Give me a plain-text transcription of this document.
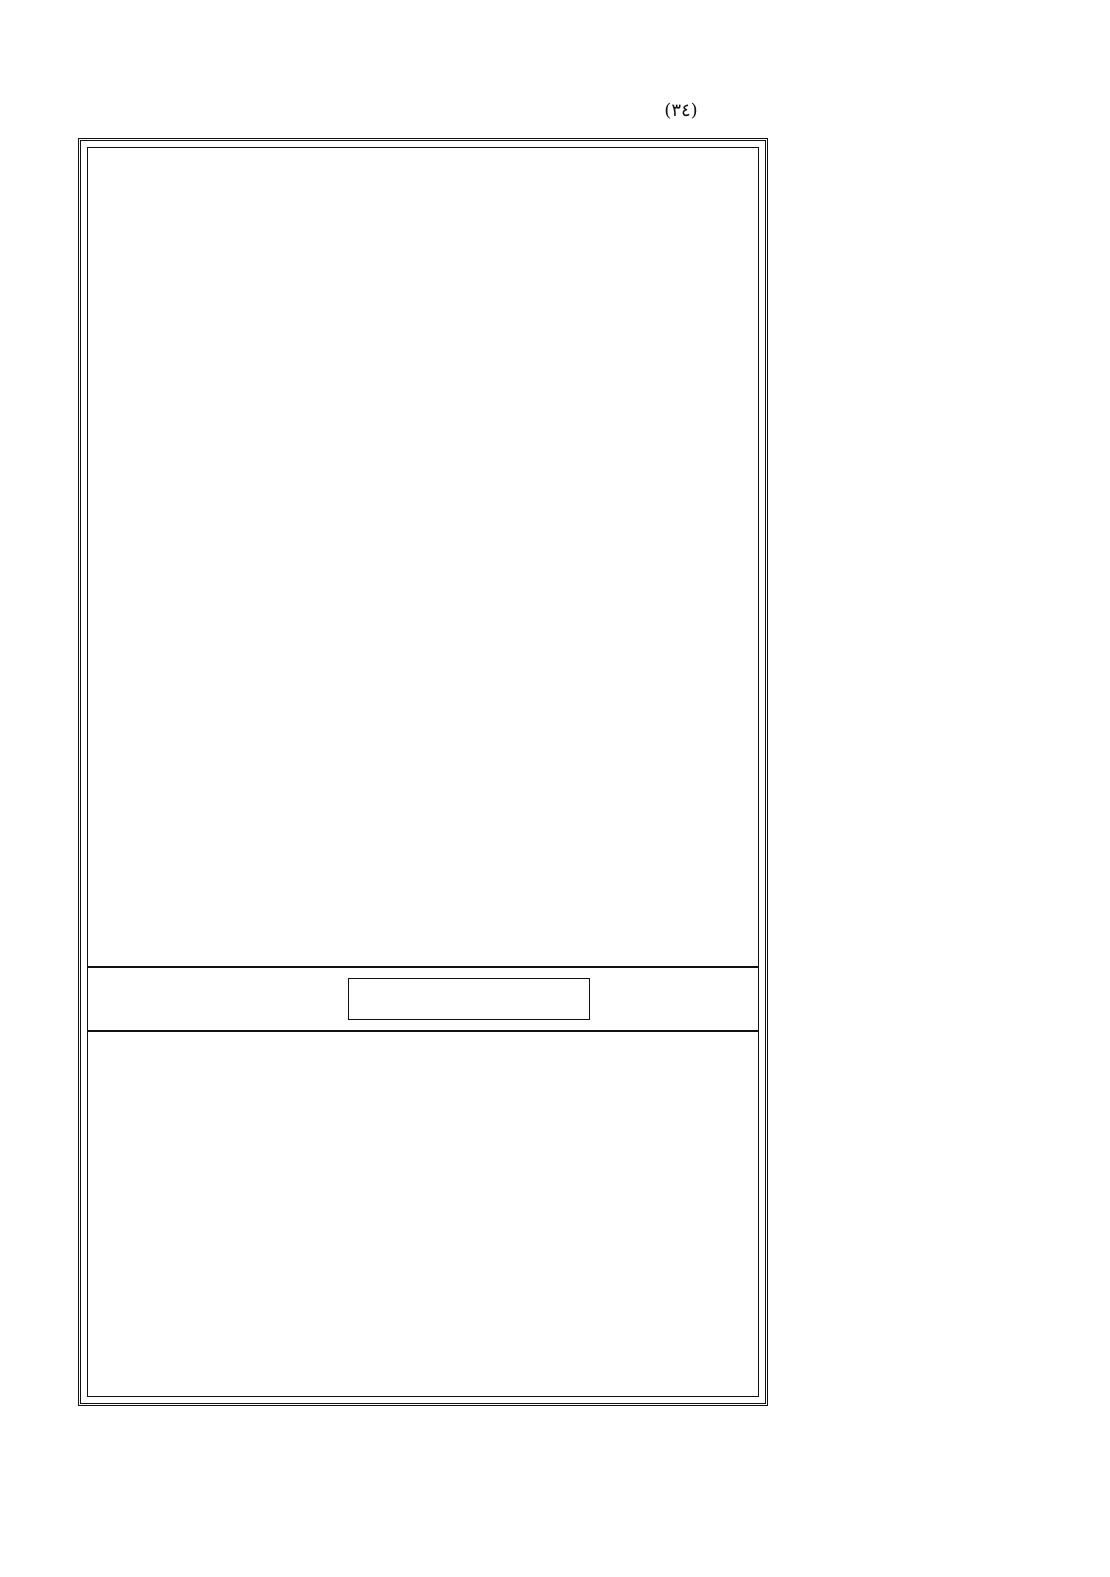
(٣٤)
